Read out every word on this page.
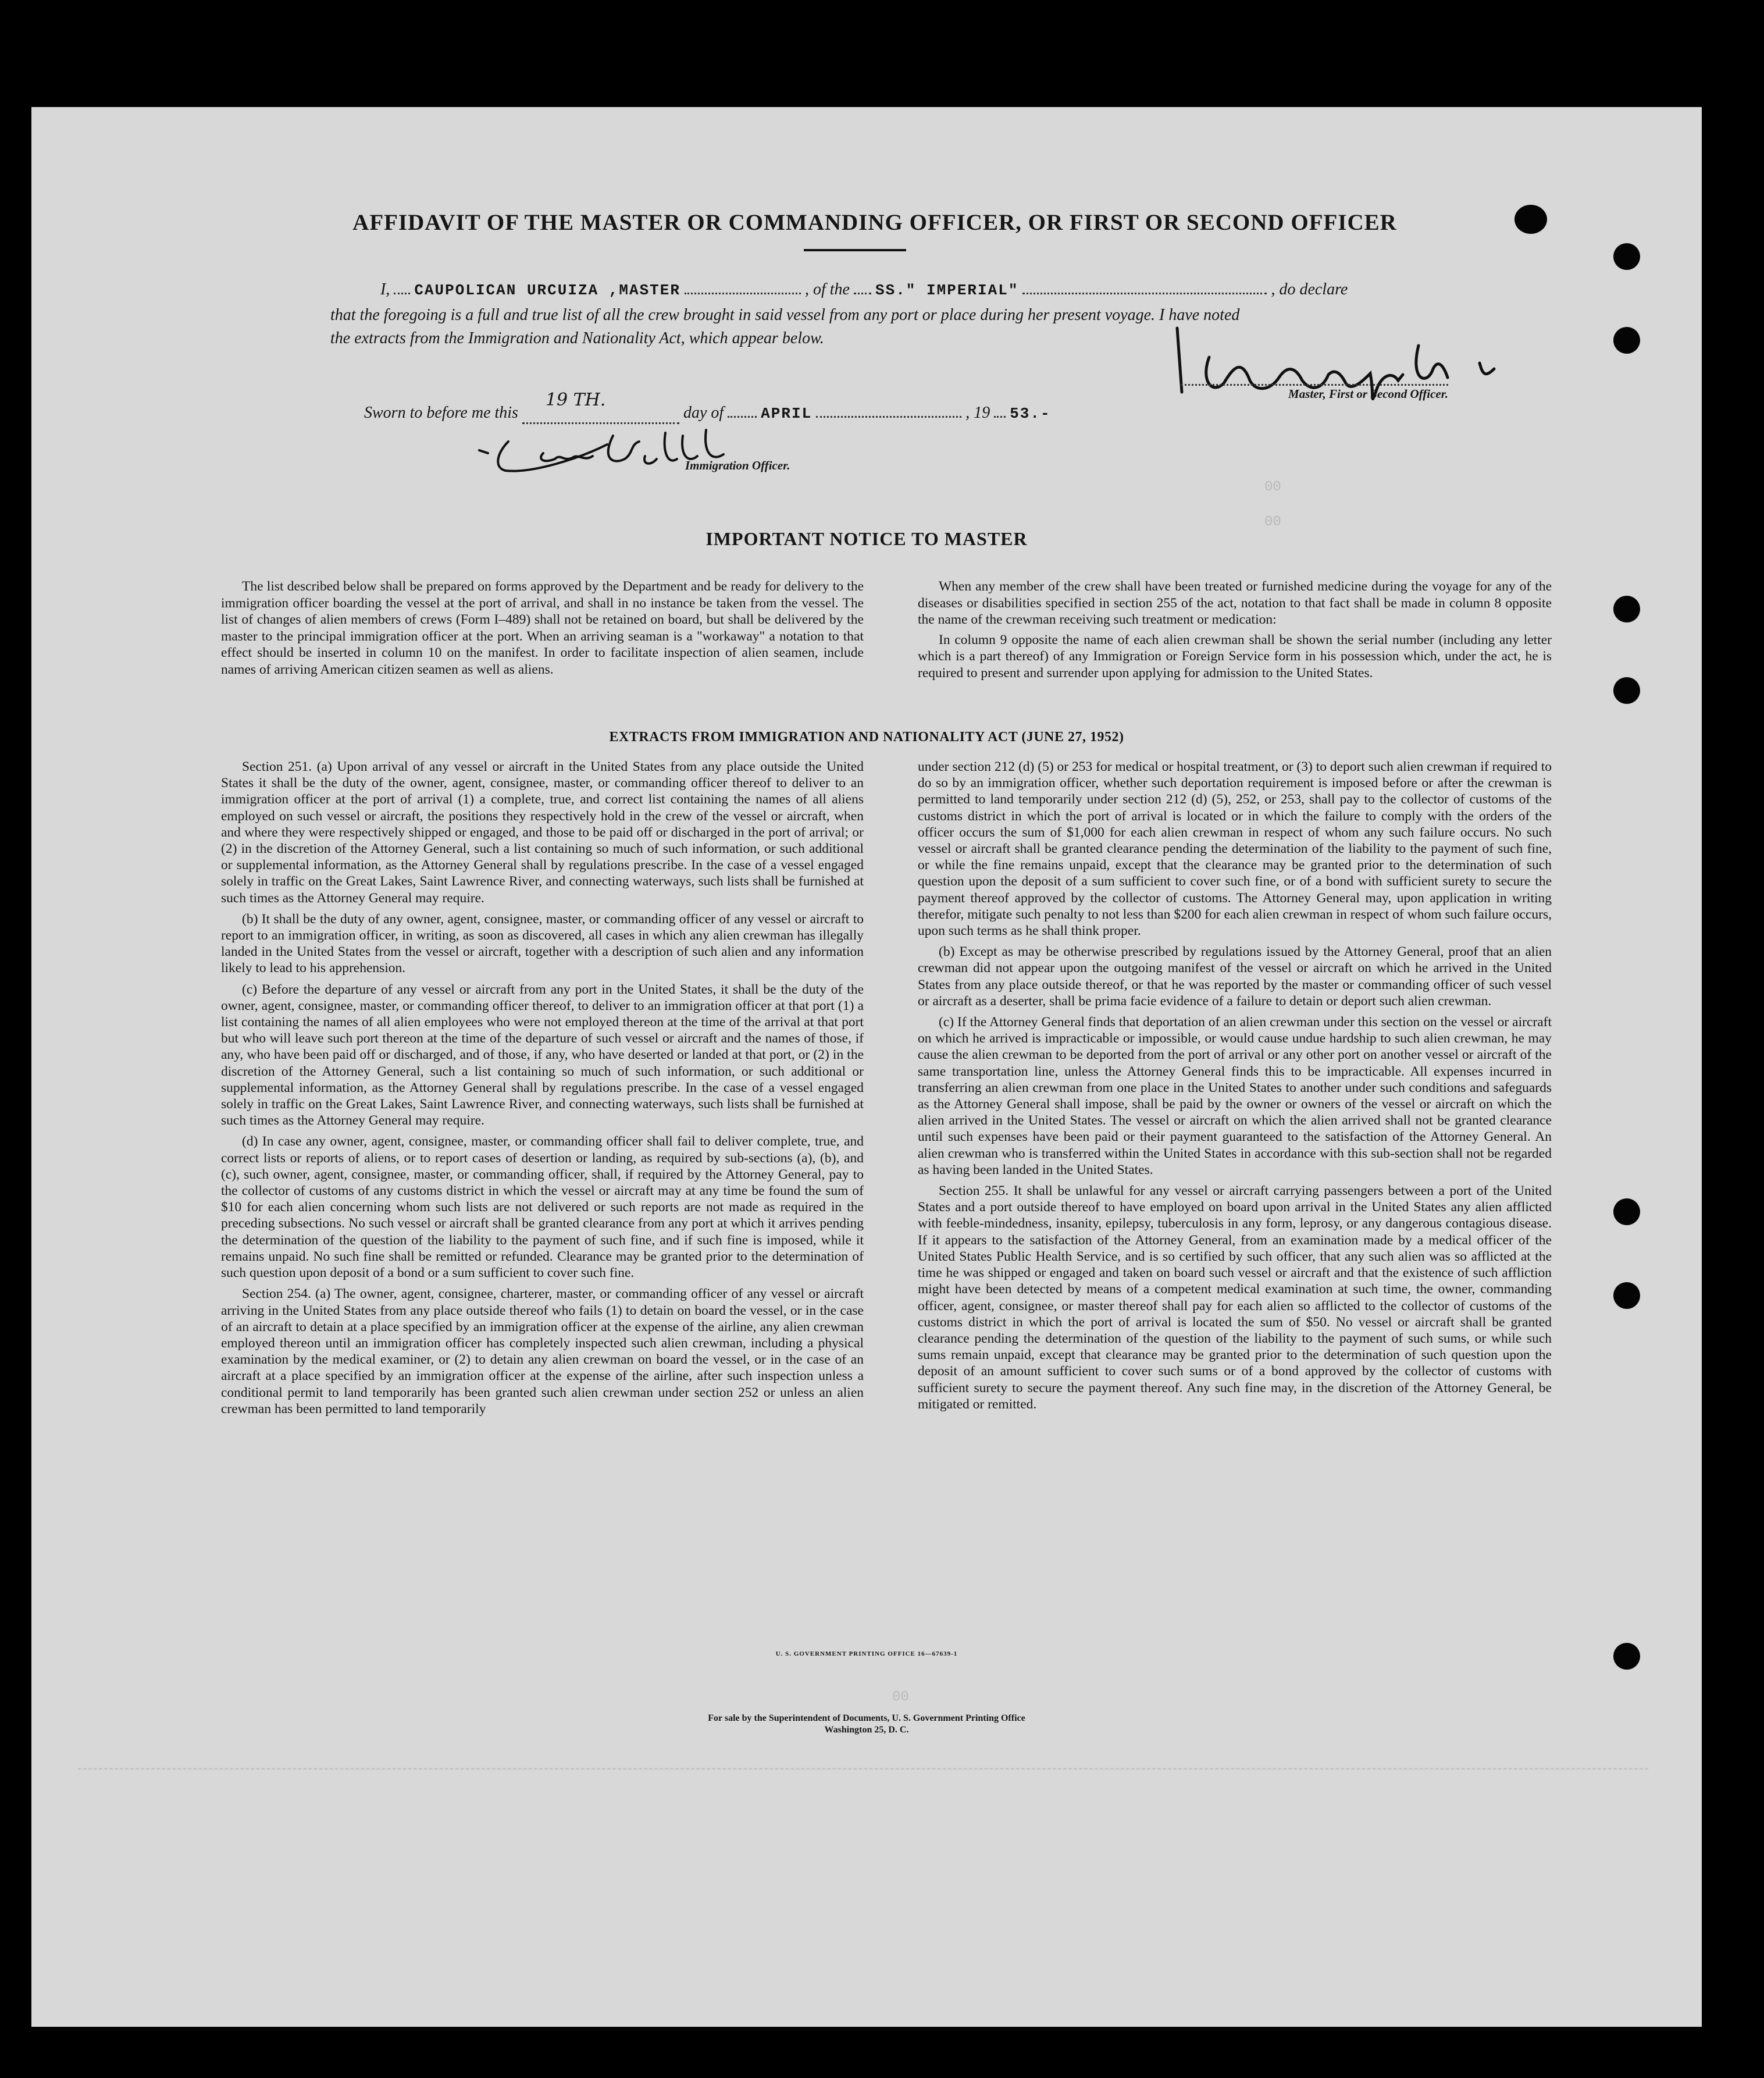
00
00
00
AFFIDAVIT OF THE MASTER OR COMMANDING OFFICER, OR FIRST OR SECOND OFFICER
I, CAUPOLICAN URCUIZA ,MASTER	, of the SS." IMPERIAL"	, do declare
that the foregoing is a full and true list of all the crew brought in said vessel from any port or place during her present voyage. I have noted
the extracts from the Immigration and Nationality Act, which appear below.
Master, First or Second Officer.
Sworn to before me this
19 TH.
day of APRIL	, 19 53.-
Immigration Officer.
IMPORTANT NOTICE TO MASTER

The list described below shall be prepared on forms approved by the Department and be ready for delivery to the immigration officer boarding the vessel at the port of arrival, and shall in no instance be taken from the vessel. The list of changes of alien members of crews (Form I–489) shall not be retained on board, but shall be delivered by the master to the principal immigration officer at the port. When an arriving seaman is a "workaway" a notation to that effect should be inserted in column 10 on the manifest. In order to facilitate inspection of alien seamen, include names of arriving American citizen seamen as well as aliens.

When any member of the crew shall have been treated or furnished medicine during the voyage for any of the diseases or disabilities specified in section 255 of the act, notation to that fact shall be made in column 8 opposite the name of the crewman receiving such treatment or medication:

In column 9 opposite the name of each alien crewman shall be shown the serial number (including any letter which is a part thereof) of any Immigration or Foreign Service form in his possession which, under the act, he is required to present and surrender upon applying for admission to the United States.

EXTRACTS FROM IMMIGRATION AND NATIONALITY ACT (JUNE 27, 1952)

Section 251. (a) Upon arrival of any vessel or aircraft in the United States from any place outside the United States it shall be the duty of the owner, agent, consignee, master, or commanding officer thereof to deliver to an immigration officer at the port of arrival (1) a complete, true, and correct list containing the names of all aliens employed on such vessel or aircraft, the positions they respectively hold in the crew of the vessel or aircraft, when and where they were respectively shipped or engaged, and those to be paid off or discharged in the port of arrival; or (2) in the discretion of the Attorney General, such a list containing so much of such information, or such additional or supplemental information, as the Attorney General shall by regulations prescribe. In the case of a vessel engaged solely in traffic on the Great Lakes, Saint Lawrence River, and connecting waterways, such lists shall be furnished at such times as the Attorney General may require.

(b) It shall be the duty of any owner, agent, consignee, master, or commanding officer of any vessel or aircraft to report to an immigration officer, in writing, as soon as discovered, all cases in which any alien crewman has illegally landed in the United States from the vessel or aircraft, together with a description of such alien and any information likely to lead to his apprehension.

(c) Before the departure of any vessel or aircraft from any port in the United States, it shall be the duty of the owner, agent, consignee, master, or commanding officer thereof, to deliver to an immigration officer at that port (1) a list containing the names of all alien employees who were not employed thereon at the time of the arrival at that port but who will leave such port thereon at the time of the departure of such vessel or aircraft and the names of those, if any, who have been paid off or discharged, and of those, if any, who have deserted or landed at that port, or (2) in the discretion of the Attorney General, such a list containing so much of such information, or such additional or supplemental information, as the Attorney General shall by regulations prescribe. In the case of a vessel engaged solely in traffic on the Great Lakes, Saint Lawrence River, and connecting waterways, such lists shall be furnished at such times as the Attorney General may require.

(d) In case any owner, agent, consignee, master, or commanding officer shall fail to deliver complete, true, and correct lists or reports of aliens, or to report cases of desertion or landing, as required by sub-sections (a), (b), and (c), such owner, agent, consignee, master, or commanding officer, shall, if required by the Attorney General, pay to the collector of customs of any customs district in which the vessel or aircraft may at any time be found the sum of $10 for each alien concerning whom such lists are not delivered or such reports are not made as required in the preceding subsections. No such vessel or aircraft shall be granted clearance from any port at which it arrives pending the determination of the question of the liability to the payment of such fine, and if such fine is imposed, while it remains unpaid. No such fine shall be remitted or refunded. Clearance may be granted prior to the determination of such question upon deposit of a bond or a sum sufficient to cover such fine.

Section 254. (a) The owner, agent, consignee, charterer, master, or commanding officer of any vessel or aircraft arriving in the United States from any place outside thereof who fails (1) to detain on board the vessel, or in the case of an aircraft to detain at a place specified by an immigration officer at the expense of the airline, any alien crewman employed thereon until an immigration officer has completely inspected such alien crewman, including a physical examination by the medical examiner, or (2) to detain any alien crewman on board the vessel, or in the case of an aircraft at a place specified by an immigration officer at the expense of the airline, after such inspection unless a conditional permit to land temporarily has been granted such alien crewman under section 252 or unless an alien crewman has been permitted to land temporarily

under section 212 (d) (5) or 253 for medical or hospital treatment, or (3) to deport such alien crewman if required to do so by an immigration officer, whether such deportation requirement is imposed before or after the crewman is permitted to land temporarily under section 212 (d) (5), 252, or 253, shall pay to the collector of customs of the customs district in which the port of arrival is located or in which the failure to comply with the orders of the officer occurs the sum of $1,000 for each alien crewman in respect of whom any such failure occurs. No such vessel or aircraft shall be granted clearance pending the determination of the liability to the payment of such fine, or while the fine remains unpaid, except that the clearance may be granted prior to the determination of such question upon the deposit of a sum sufficient to cover such fine, or of a bond with sufficient surety to secure the payment thereof approved by the collector of customs. The Attorney General may, upon application in writing therefor, mitigate such penalty to not less than $200 for each alien crewman in respect of whom such failure occurs, upon such terms as he shall think proper.

(b) Except as may be otherwise prescribed by regulations issued by the Attorney General, proof that an alien crewman did not appear upon the outgoing manifest of the vessel or aircraft on which he arrived in the United States from any place outside thereof, or that he was reported by the master or commanding officer of such vessel or aircraft as a deserter, shall be prima facie evidence of a failure to detain or deport such alien crewman.

(c) If the Attorney General finds that deportation of an alien crewman under this section on the vessel or aircraft on which he arrived is impracticable or impossible, or would cause undue hardship to such alien crewman, he may cause the alien crewman to be deported from the port of arrival or any other port on another vessel or aircraft of the same transportation line, unless the Attorney General finds this to be impracticable. All expenses incurred in transferring an alien crewman from one place in the United States to another under such conditions and safeguards as the Attorney General shall impose, shall be paid by the owner or owners of the vessel or aircraft on which the alien arrived in the United States. The vessel or aircraft on which the alien arrived shall not be granted clearance until such expenses have been paid or their payment guaranteed to the satisfaction of the Attorney General. An alien crewman who is transferred within the United States in accordance with this sub-section shall not be regarded as having been landed in the United States.

Section 255. It shall be unlawful for any vessel or aircraft carrying passengers between a port of the United States and a port outside thereof to have employed on board upon arrival in the United States any alien afflicted with feeble-mindedness, insanity, epilepsy, tuberculosis in any form, leprosy, or any dangerous contagious disease. If it appears to the satisfaction of the Attorney General, from an examination made by a medical officer of the United States Public Health Service, and is so certified by such officer, that any such alien was so afflicted at the time he was shipped or engaged and taken on board such vessel or aircraft and that the existence of such affliction might have been detected by means of a competent medical examination at such time, the owner, commanding officer, agent, consignee, or master thereof shall pay for each alien so afflicted to the collector of customs of the customs district in which the port of arrival is located the sum of $50. No vessel or aircraft shall be granted clearance pending the determination of the question of the liability to the payment of such sums, or while such sums remain unpaid, except that clearance may be granted prior to the determination of such question upon the deposit of an amount sufficient to cover such sums or of a bond approved by the collector of customs with sufficient surety to secure the payment thereof. Any such fine may, in the discretion of the Attorney General, be mitigated or remitted.

U. S. GOVERNMENT PRINTING OFFICE 16—67639-1
For sale by the Superintendent of Documents, U. S. Government Printing Office
Washington 25, D. C.
